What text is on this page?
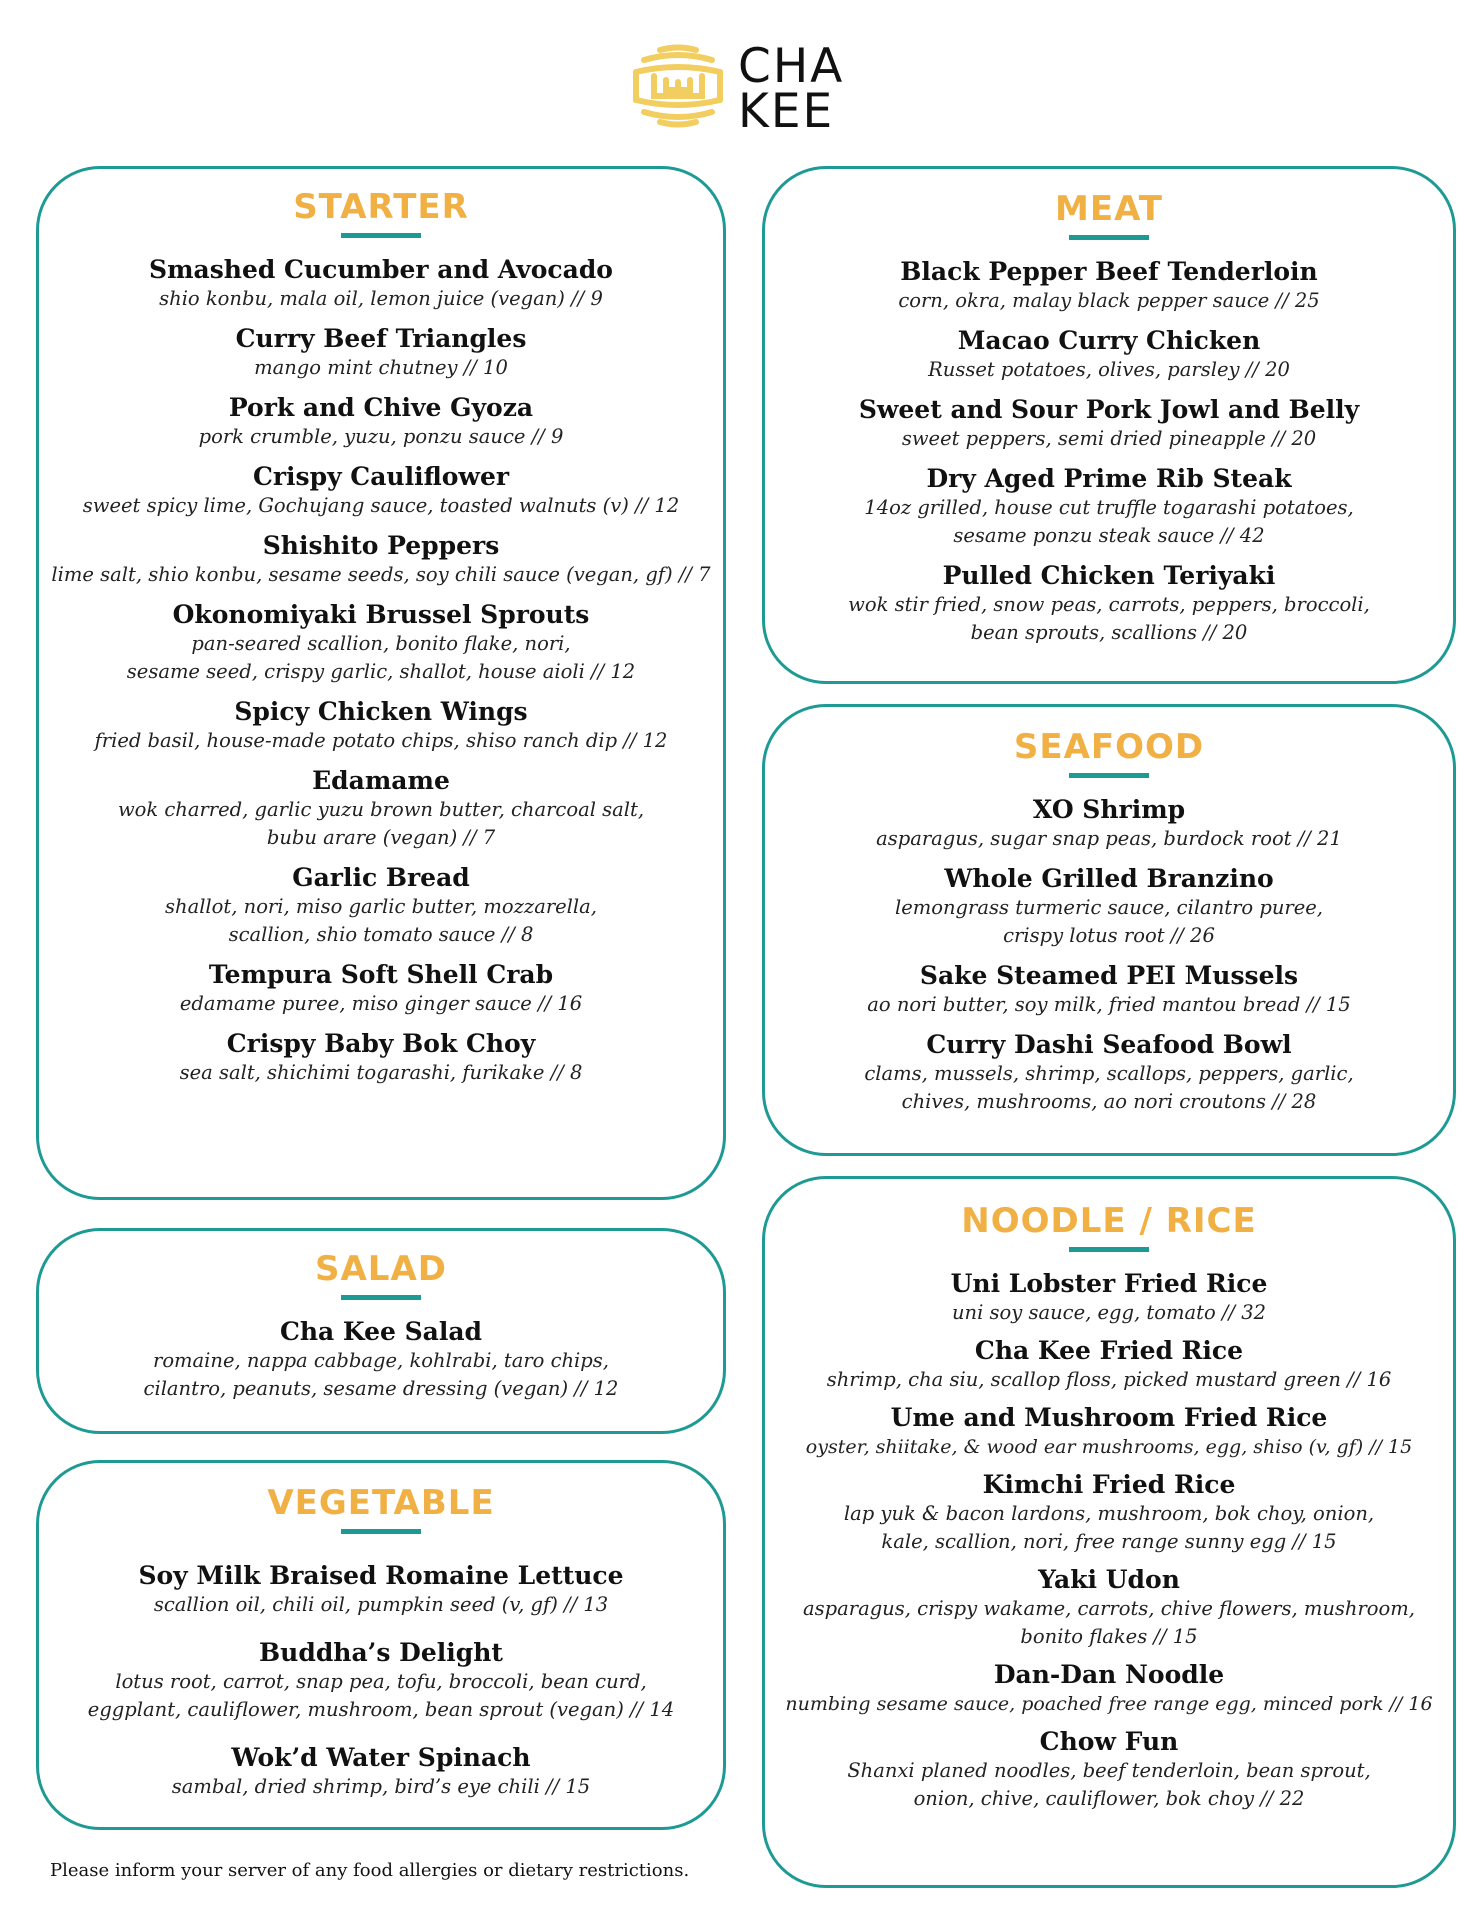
CHA
KEE
STARTER
Smashed Cucumber and Avocado
shio konbu, mala oil, lemon juice (vegan) // 9
Curry Beef Triangles
mango mint chutney // 10
Pork and Chive Gyoza
pork crumble, yuzu, ponzu sauce // 9
Crispy Cauliflower
sweet spicy lime, Gochujang sauce, toasted walnuts (v) // 12
Shishito Peppers
lime salt, shio konbu, sesame seeds, soy chili sauce (vegan, gf) // 7
Okonomiyaki Brussel Sprouts
pan-seared scallion, bonito flake, nori,
sesame seed, crispy garlic, shallot, house aioli // 12
Spicy Chicken Wings
fried basil, house-made potato chips, shiso ranch dip // 12
Edamame
wok charred, garlic yuzu brown butter, charcoal salt,
bubu arare (vegan) // 7
Garlic Bread
shallot, nori, miso garlic butter, mozzarella,
scallion, shio tomato sauce // 8
Tempura Soft Shell Crab
edamame puree, miso ginger sauce // 16
Crispy Baby Bok Choy
sea salt, shichimi togarashi, furikake // 8
SALAD
Cha Kee Salad
romaine, nappa cabbage, kohlrabi, taro chips,
cilantro, peanuts, sesame dressing (vegan) // 12
VEGETABLE
Soy Milk Braised Romaine Lettuce
scallion oil, chili oil, pumpkin seed (v, gf) // 13
Buddha’s Delight
lotus root, carrot, snap pea, tofu, broccoli, bean curd,
eggplant, cauliflower, mushroom, bean sprout (vegan) // 14
Wok’d Water Spinach
sambal, dried shrimp, bird’s eye chili // 15
MEAT
Black Pepper Beef Tenderloin
corn, okra, malay black pepper sauce // 25
Macao Curry Chicken
Russet potatoes, olives, parsley // 20
Sweet and Sour Pork Jowl and Belly
sweet peppers, semi dried pineapple // 20
Dry Aged Prime Rib Steak
14oz grilled, house cut truffle togarashi potatoes,
sesame ponzu steak sauce // 42
Pulled Chicken Teriyaki
wok stir fried, snow peas, carrots, peppers, broccoli,
bean sprouts, scallions // 20
SEAFOOD
XO Shrimp
asparagus, sugar snap peas, burdock root // 21
Whole Grilled Branzino
lemongrass turmeric sauce, cilantro puree,
crispy lotus root // 26
Sake Steamed PEI Mussels
ao nori butter, soy milk, fried mantou bread // 15
Curry Dashi Seafood Bowl
clams, mussels, shrimp, scallops, peppers, garlic,
chives, mushrooms, ao nori croutons // 28
NOODLE / RICE
Uni Lobster Fried Rice
uni soy sauce, egg, tomato // 32
Cha Kee Fried Rice
shrimp, cha siu, scallop floss, picked mustard green // 16
Ume and Mushroom Fried Rice
oyster, shiitake, & wood ear mushrooms, egg, shiso (v, gf) // 15
Kimchi Fried Rice
lap yuk & bacon lardons, mushroom, bok choy, onion,
kale, scallion, nori, free range sunny egg // 15
Yaki Udon
asparagus, crispy wakame, carrots, chive flowers, mushroom,
bonito flakes // 15
Dan-Dan Noodle
numbing sesame sauce, poached free range egg, minced pork // 16
Chow Fun
Shanxi planed noodles, beef tenderloin, bean sprout,
onion, chive, cauliflower, bok choy // 22
Please inform your server of any food allergies or dietary restrictions.
